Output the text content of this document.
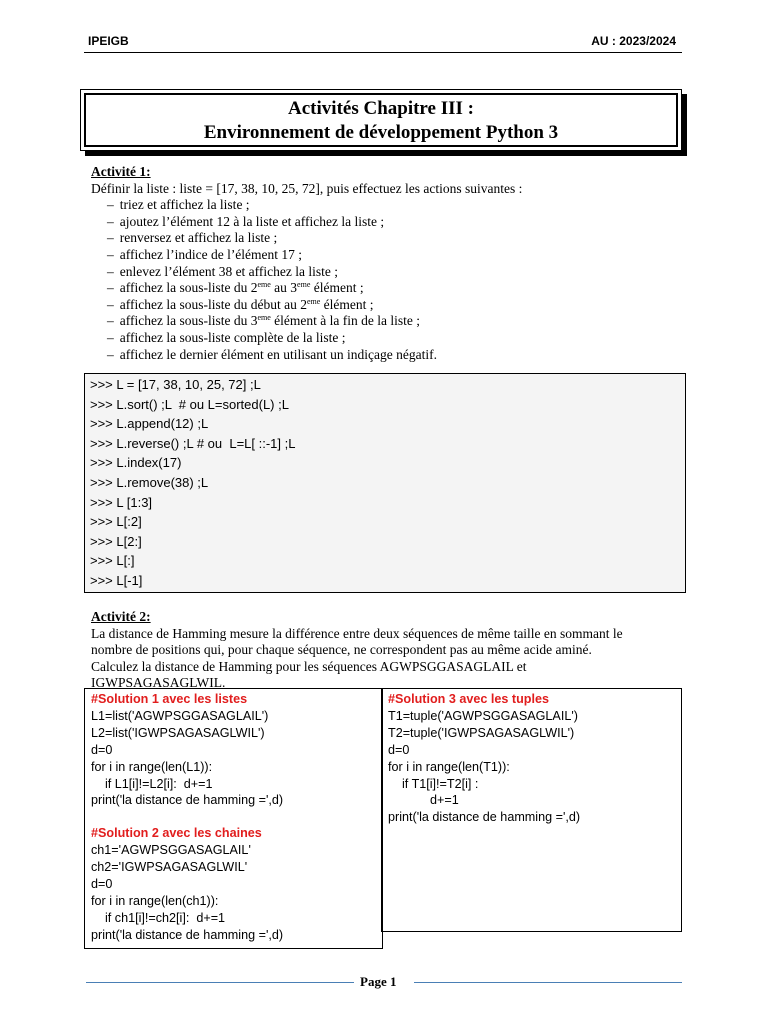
IPEIGB	AU : 2023/2024
Activités Chapitre III :
Environnement de développement Python 3
Activité 1:
Définir la liste : liste = [17, 38, 10, 25, 72], puis effectuez les actions suivantes :
– triez et affichez la liste ;
– ajoutez l’élément 12 à la liste et affichez la liste ;
– renversez et affichez la liste ;
– affichez l’indice de l’élément 17 ;
– enlevez l’élément 38 et affichez la liste ;
– affichez la sous-liste du 2eme au 3eme élément ;
– affichez la sous-liste du début au 2eme élément ;
– affichez la sous-liste du 3eme élément à la fin de la liste ;
– affichez la sous-liste complète de la liste ;
– affichez le dernier élément en utilisant un indiçage négatif.
>>> L = [17, 38, 10, 25, 72] ;L
>>> L.sort() ;L  # ou L=sorted(L) ;L
>>> L.append(12) ;L
>>> L.reverse() ;L # ou  L=L[ ::-1] ;L
>>> L.index(17)
>>> L.remove(38) ;L
>>> L [1:3]
>>> L[:2]
>>> L[2:]
>>> L[:]
>>> L[-1]
Activité 2:
La distance de Hamming mesure la différence entre deux séquences de même taille en sommant le
nombre de positions qui, pour chaque séquence, ne correspondent pas au même acide aminé.
Calculez la distance de Hamming pour les séquences AGWPSGGASAGLAIL et
IGWPSAGASAGLWIL.
#Solution 1 avec les listes
L1=list('AGWPSGGASAGLAIL')
L2=list('IGWPSAGASAGLWIL')
d=0
for i in range(len(L1)):
if L1[i]!=L2[i]:  d+=1
print('la distance de hamming =',d)
#Solution 2 avec les chaines
ch1='AGWPSGGASAGLAIL'
ch2='IGWPSAGASAGLWIL'
d=0
for i in range(len(ch1)):
if ch1[i]!=ch2[i]:  d+=1
print('la distance de hamming =',d)
#Solution 3 avec les tuples
T1=tuple('AGWPSGGASAGLAIL')
T2=tuple('IGWPSAGASAGLWIL')
d=0
for i in range(len(T1)):
if T1[i]!=T2[i] :
d+=1
print('la distance de hamming =',d)
Page 1
